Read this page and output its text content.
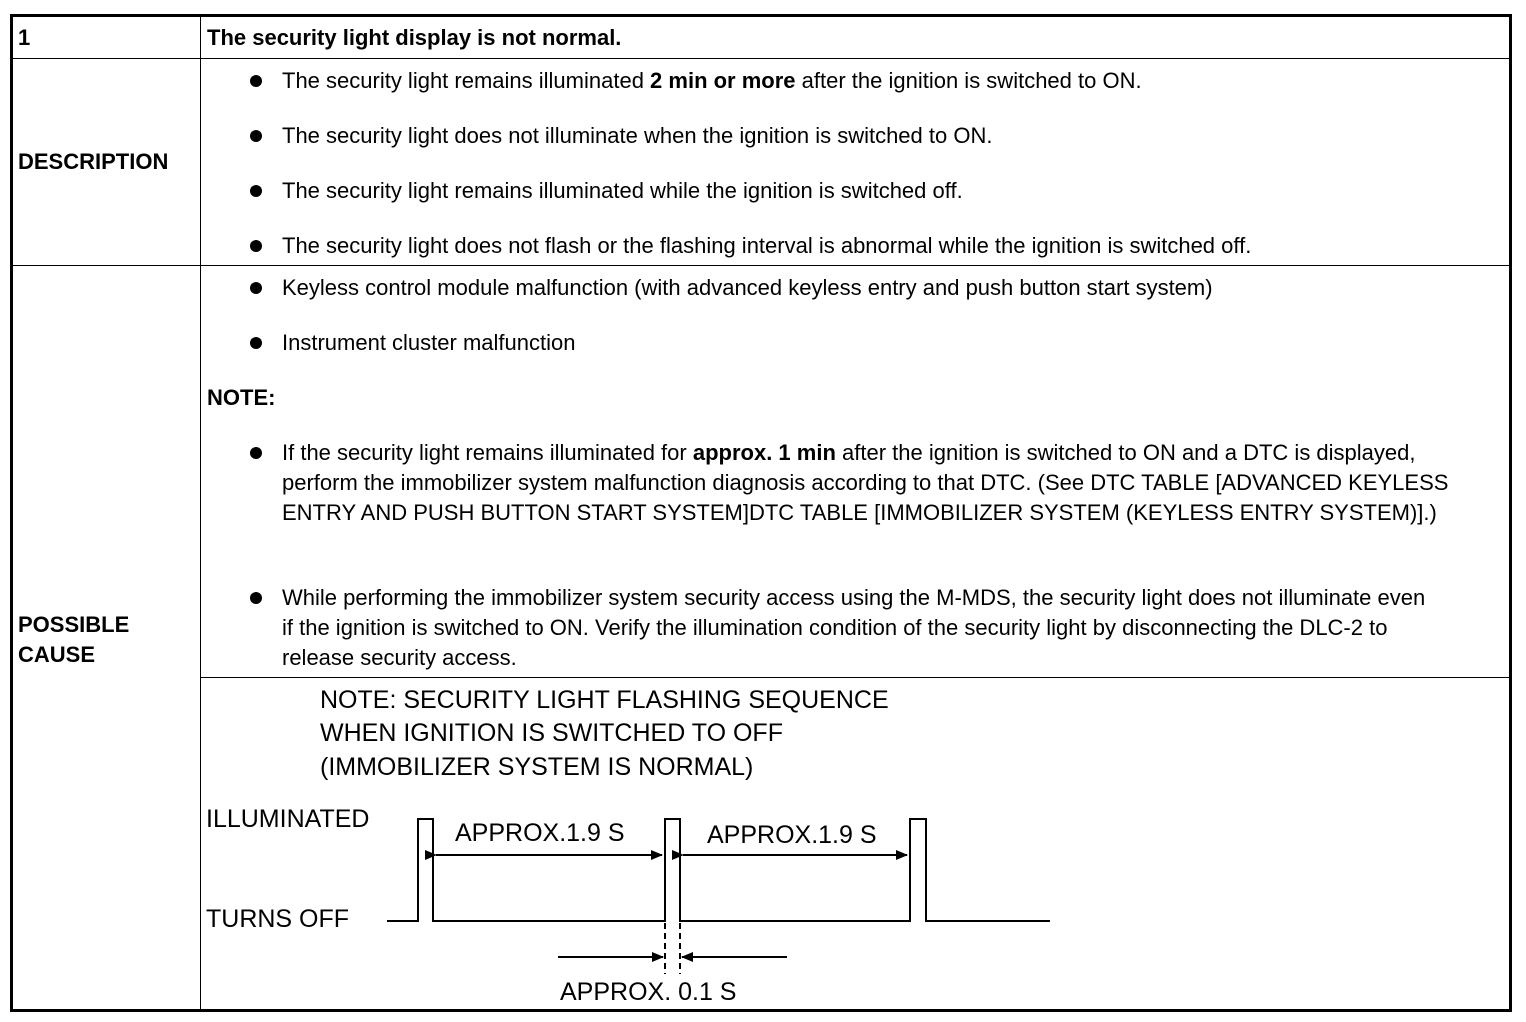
1	The security light display is not normal.
DESCRIPTION
The security light remains illuminated 2 min or more after the ignition is switched to ON.
The security light does not illuminate when the ignition is switched to ON.
The security light remains illuminated while the ignition is switched off.
The security light does not flash or the flashing interval is abnormal while the ignition is switched off.
POSSIBLE
CAUSE
Keyless control module malfunction (with advanced keyless entry and push button start system)
Instrument cluster malfunction
NOTE:
If the security light remains illuminated for approx. 1 min after the ignition is switched to ON and a DTC is displayed, perform the immobilizer system malfunction diagnosis according to that DTC. (See DTC TABLE [ADVANCED KEYLESS ENTRY AND PUSH BUTTON START SYSTEM]DTC TABLE [IMMOBILIZER SYSTEM (KEYLESS ENTRY SYSTEM)].)
While performing the immobilizer system security access using the M-MDS, the security light does not illuminate even if the ignition is switched to ON. Verify the illumination condition of the security light by disconnecting the DLC-2 to release security access.
NOTE: SECURITY LIGHT FLASHING SEQUENCE
WHEN IGNITION IS SWITCHED TO OFF
(IMMOBILIZER SYSTEM IS NORMAL)
ILLUMINATED
TURNS OFF
APPROX.1.9 S	APPROX.1.9 S
APPROX. 0.1 S
